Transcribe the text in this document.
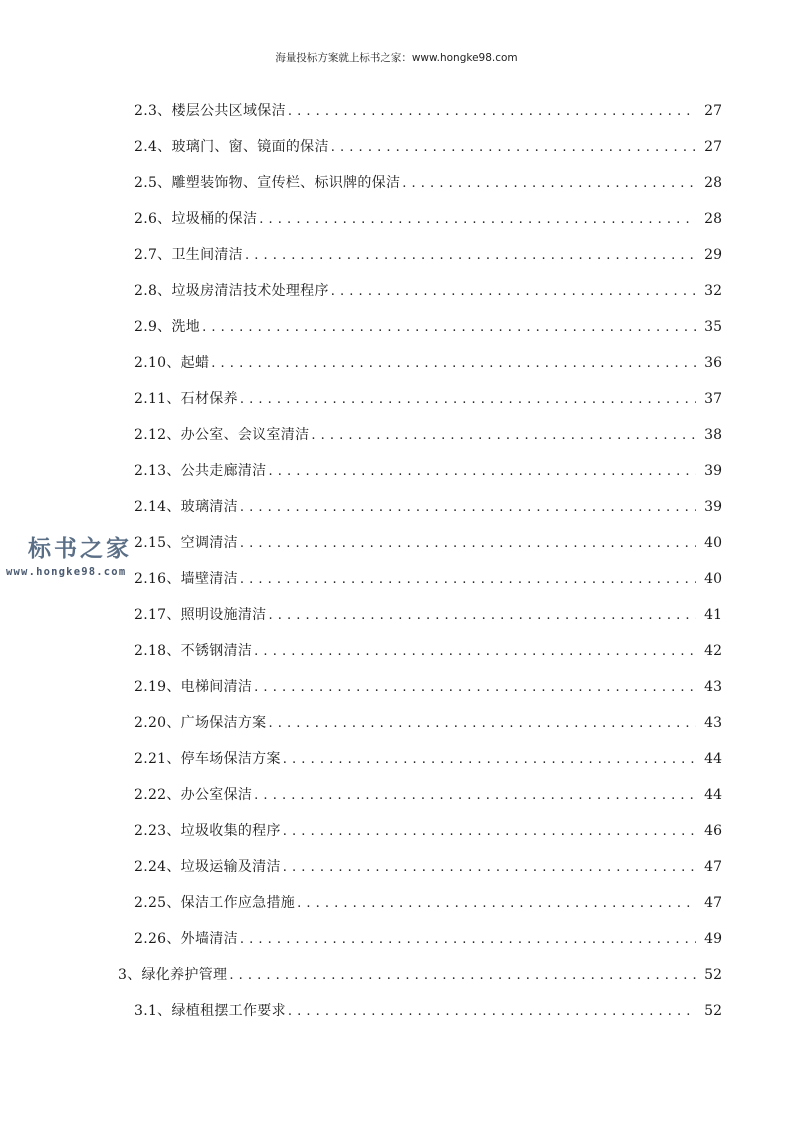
海量投标方案就上标书之家：www.hongke98.com
2.3、楼层公共区域保洁 . . .	27
2.4、玻璃门、窗、镜面的保洁 . . .	27
2.5、雕塑装饰物、宣传栏、标识牌的保洁 . . .	28
2.6、垃圾桶的保洁 . . .	28
2.7、卫生间清洁 . . .	29
2.8、垃圾房清洁技术处理程序 . . .	32
2.9、洗地 . . .	35
2.10、起蜡 . . .	36
2.11、石材保养 . . .	37
2.12、办公室、会议室清洁 . . .	38
2.13、公共走廊清洁 . . .	39
2.14、玻璃清洁 . . .	39
2.15、空调清洁 . . .	40
2.16、墙壁清洁 . . .	40
2.17、照明设施清洁 . . .	41
2.18、不锈钢清洁 . . .	42
2.19、电梯间清洁 . . .	43
2.20、广场保洁方案 . . .	43
2.21、停车场保洁方案 . . .	44
2.22、办公室保洁 . . .	44
2.23、垃圾收集的程序 . . .	46
2.24、垃圾运输及清洁 . . .	47
2.25、保洁工作应急措施 . . .	47
2.26、外墙清洁 . . .	49
3、绿化养护管理 . . .	52
3.1、绿植租摆工作要求 . . .	52
标书之家
www.hongke98.com
